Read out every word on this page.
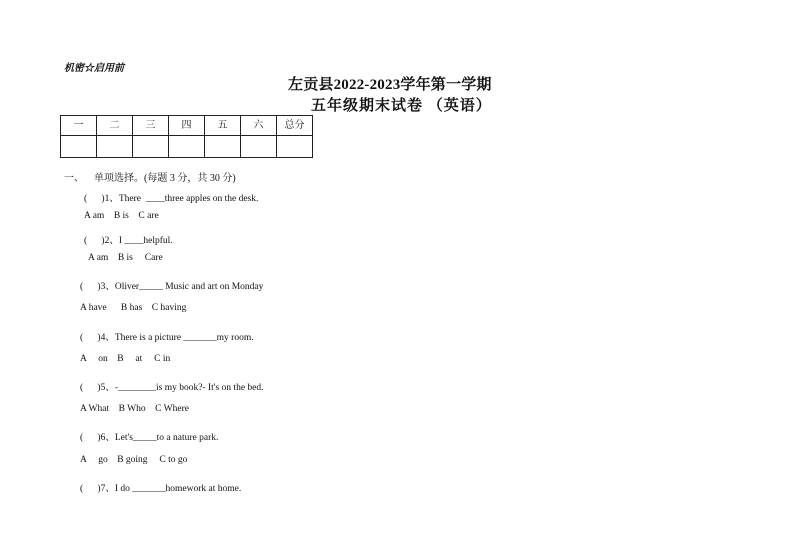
机密☆启用前
左贡县2022-2023学年第一学期
五年级期末试卷 （英语）
一	二	三	四	五	六	总分

一、 单项选择。(每题 3 分，共 30 分)
(      )1、There  ____three apples on the desk.
A am    B is    C are
(      )2、I ____helpful.
A am    B is     Care
(      )3、Oliver_____ Music and art on Monday
A have      B has    C having
(      )4、There is a picture _______my room.
A     on    B     at     C in
(      )5、-________is my book?- It's on the bed.
A What    B Who    C Where
(      )6、Let's_____to a nature park.
A     go    B going     C to go
(      )7、I do _______homework at home.
